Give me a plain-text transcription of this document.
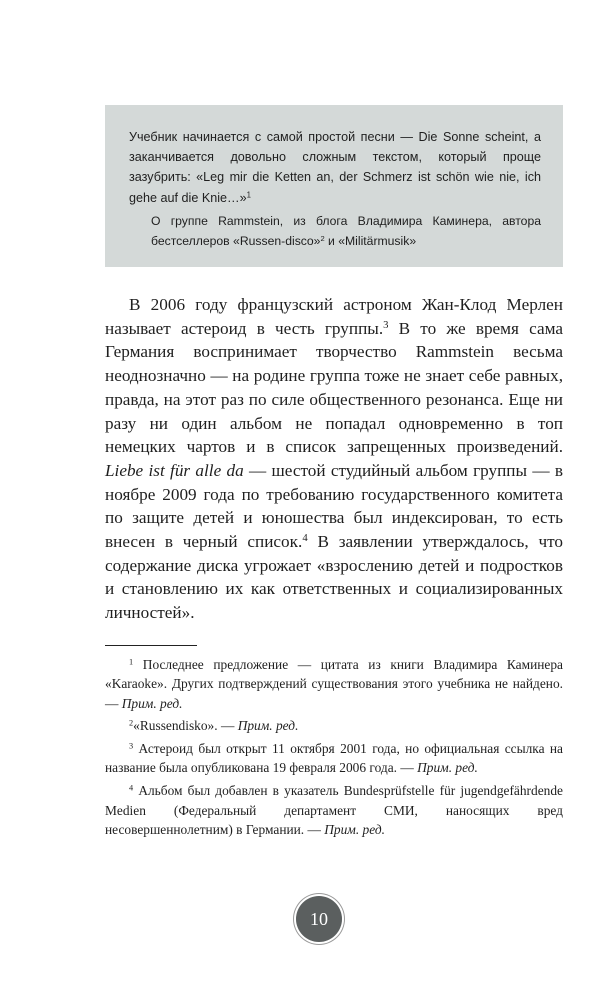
Учебник начинается с самой простой песни — Die Sonne scheint, а заканчивается довольно сложным текстом, который проще зазубрить: «Leg mir die Ketten an, der Schmerz ist schön wie nie, ich gehe auf die Knie…»$^1$
О группе Rammstein, из блога Владимира Каминера, автора бестселлеров «Russen-disco»$^2$ и «Militärmusik»

В 2006 году французский астроном Жан-Клод Мерлен называет астероид в честь группы.$^3$ В то же время сама Германия воспринимает творчество Rammstein весьма неоднозначно — на родине группа тоже не знает себе равных, правда, на этот раз по силе общественного резонанса. Еще ни разу ни один альбом не попадал одновременно в топ немецких чартов и в список запрещенных произведений. Liebe ist für alle da — шестой студийный альбом группы — в ноябре 2009 года по требованию государственного комитета по защите детей и юношества был индексирован, то есть внесен в черный список.$^4$ В заявлении утверждалось, что содержание диска угрожает «взрослению детей и подростков и становлению их как ответственных и социализированных личностей».

$^1$ Последнее предложение — цитата из книги Владимира Каминера «Karaoke». Других подтверждений существования этого учебника не найдено. — Прим. ред.

$^2$«Russendisko». — Прим. ред.

$^3$ Астероид был открыт 11 октября 2001 года, но официальная ссылка на название была опубликована 19 февраля 2006 года. — Прим. ред.

$^4$ Альбом был добавлен в указатель Bundesprüfstelle für jugendgefährdende Medien (Федеральный департамент СМИ, наносящих вред несовершеннолетним) в Германии. — Прим. ред.

10
